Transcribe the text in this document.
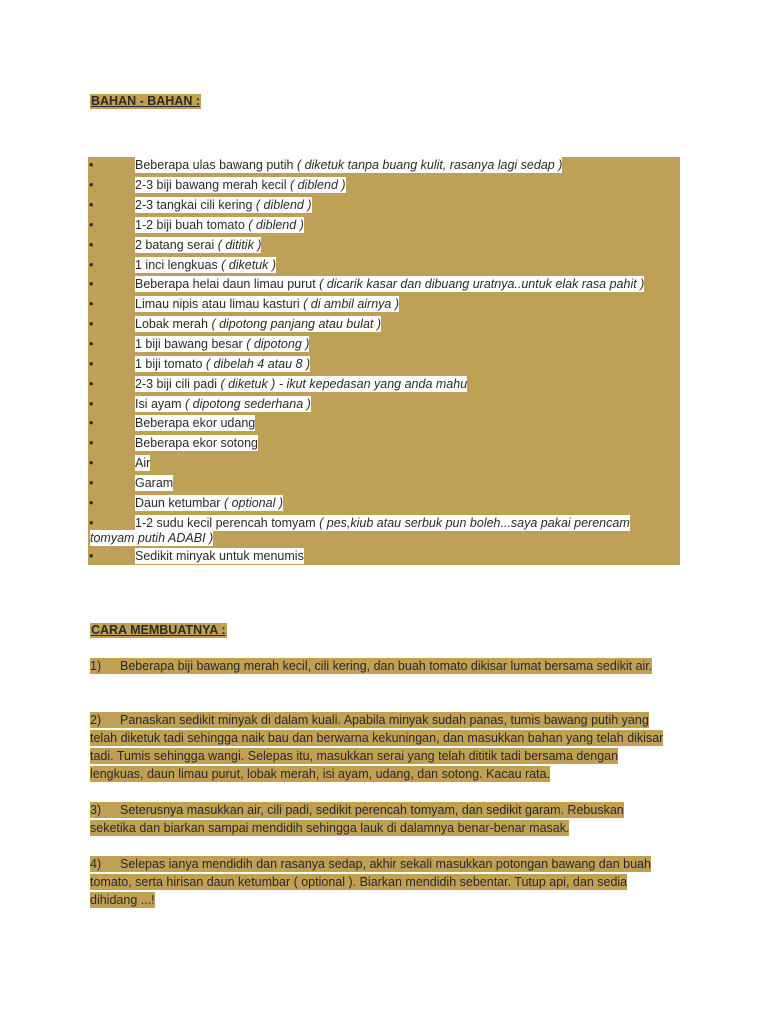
BAHAN - BAHAN :
•	Beberapa ulas bawang putih ( diketuk tanpa buang kulit, rasanya lagi sedap )
•	2-3 biji bawang merah kecil ( diblend )
•	2-3 tangkai cili kering ( diblend )
•	1-2 biji buah tomato ( diblend )
•	2 batang serai ( dititik )
•	1 inci lengkuas ( diketuk )
•	Beberapa helai daun limau purut ( dicarik kasar dan dibuang uratnya..untuk elak rasa pahit )
•	Limau nipis atau limau kasturi ( di ambil airnya )
•	Lobak merah ( dipotong panjang atau bulat )
•	1 biji bawang besar ( dipotong )
•	1 biji tomato ( dibelah 4 atau 8 )
•	2-3 biji cili padi ( diketuk ) - ikut kepedasan yang anda mahu
•	Isi ayam ( dipotong sederhana )
•	Beberapa ekor udang
•	Beberapa ekor sotong
•	Air
•	Garam
•	Daun ketumbar ( optional )
•	1-2 sudu kecil perencah tomyam ( pes,kiub atau serbuk pun boleh...saya pakai perencam
tomyam putih ADABI )
•	Sedikit minyak untuk menumis
CARA MEMBUATNYA :
1) Beberapa biji bawang merah kecil, cili kering, dan buah tomato dikisar lumat bersama sedikit air.
2) Panaskan sedikit minyak di dalam kuali. Apabila minyak sudah panas, tumis bawang putih yang telah diketuk tadi sehingga naik bau dan berwarna kekuningan, dan masukkan bahan yang telah dikisar tadi. Tumis sehingga wangi. Selepas itu, masukkan serai yang telah dititik tadi bersama dengan lengkuas, daun limau purut, lobak merah, isi ayam, udang, dan sotong. Kacau rata.
3) Seterusnya masukkan air, cili padi, sedikit perencah tomyam, dan sedikit garam. Rebuskan seketika dan biarkan sampai mendidih sehingga lauk di dalamnya benar-benar masak.
4) Selepas ianya mendidih dan rasanya sedap, akhir sekali masukkan potongan bawang dan buah tomato, serta hirisan daun ketumbar ( optional ). Biarkan mendidih sebentar. Tutup api, dan sedia dihidang ...!
